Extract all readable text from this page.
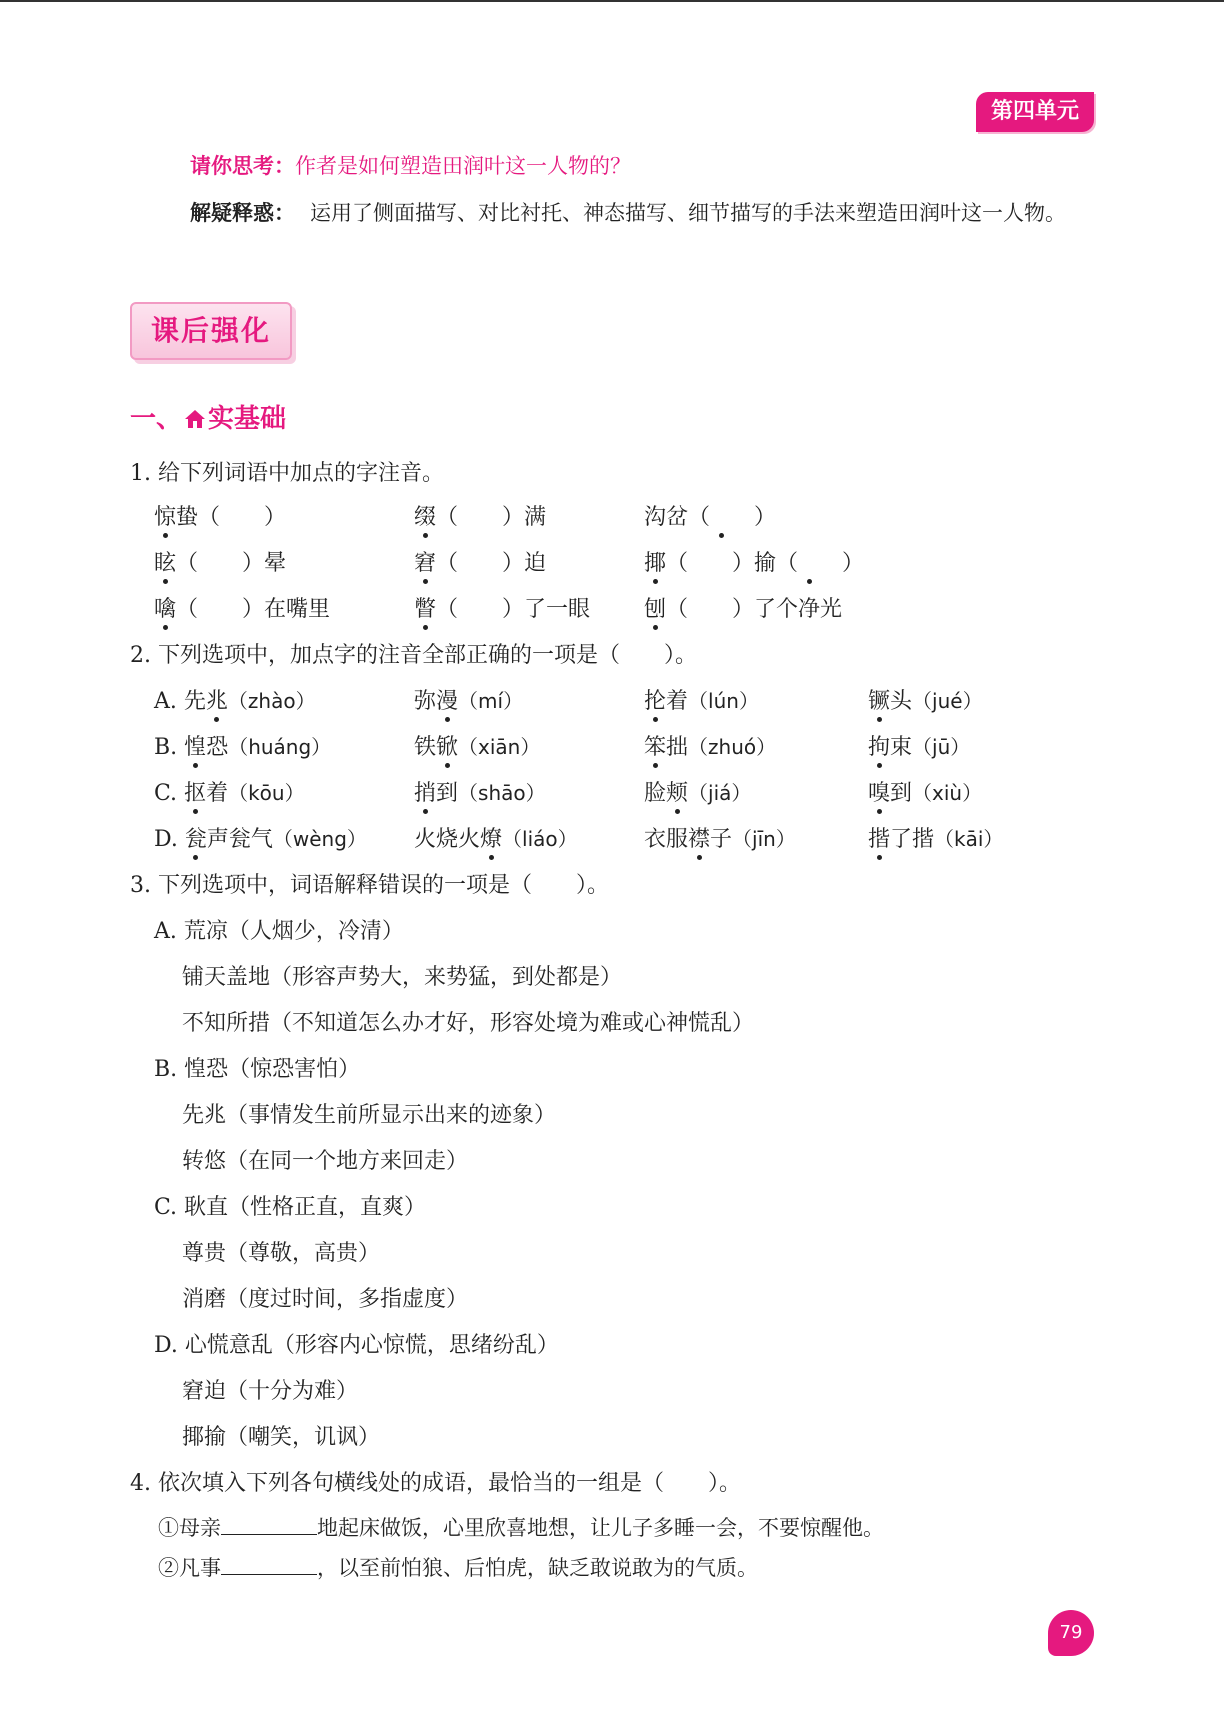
第四单元
请你思考：作者是如何塑造田润叶这一人物的？
解疑释惑： 运用了侧面描写、对比衬托、神态描写、细节描写的手法来塑造田润叶这一人物。
课后强化
一、 实基础
1. 给下列词语中加点的字注音。
惊蛰（　　）	缀（　　）满	沟岔（　　）
眩（　　）晕	窘（　　）迫	揶（　　）揄（　　）
噙（　　）在嘴里	瞥（　　）了一眼 刨（　　）了个净光
2. 下列选项中，加点字的注音全部正确的一项是（　　）。
A. 先兆（zhào）	弥漫（mí）	抡着（lún）	镢头（jué）
B. 惶恐（huáng）	铁锨（xiān）	笨拙（zhuó）	拘束（jū）
C. 抠着（kōu）	捎到（shāo）	脸颊（jiá）	嗅到（xiù）
D. 瓮声瓮气（wèng） 火烧火燎（liáo）	衣服襟子（jīn）	揩了揩（kāi）
3. 下列选项中，词语解释错误的一项是（　　）。
A. 荒凉（人烟少，冷清）
铺天盖地（形容声势大，来势猛，到处都是）
不知所措（不知道怎么办才好，形容处境为难或心神慌乱）
B. 惶恐（惊恐害怕）
先兆（事情发生前所显示出来的迹象）
转悠（在同一个地方来回走）
C. 耿直（性格正直，直爽）
尊贵（尊敬，高贵）
消磨（度过时间，多指虚度）
D. 心慌意乱（形容内心惊慌，思绪纷乱）
窘迫（十分为难）
揶揄（嘲笑，讥讽）
4. 依次填入下列各句横线处的成语，最恰当的一组是（　　）。
①母亲	地起床做饭，心里欣喜地想，让儿子多睡一会，不要惊醒他。
②凡事	，以至前怕狼、后怕虎，缺乏敢说敢为的气质。
79
